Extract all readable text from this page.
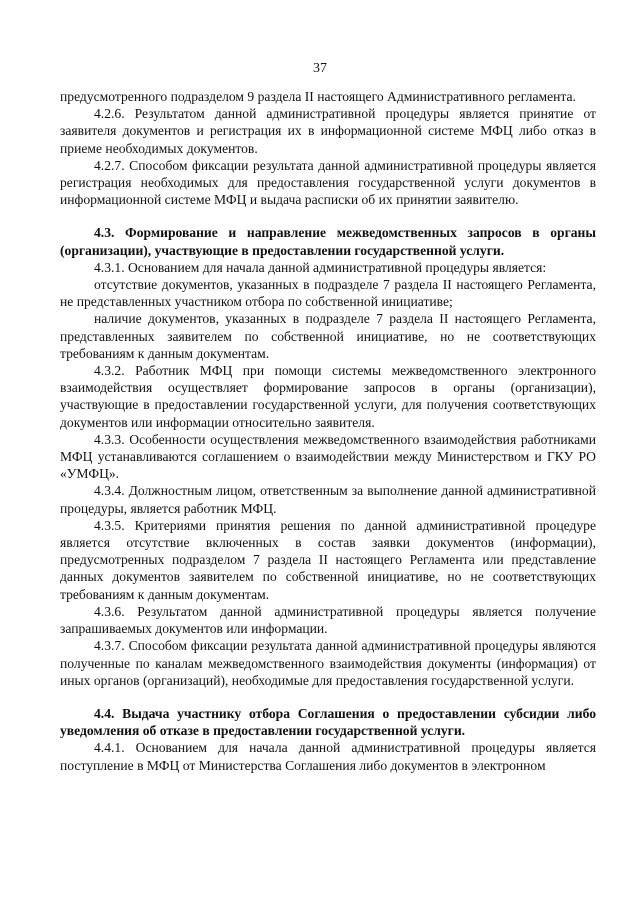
37

предусмотренного подразделом 9 раздела II настоящего Административного регламента.

4.2.6. Результатом данной административной процедуры является принятие от заявителя документов и регистрация их в информационной системе МФЦ либо отказ в приеме необходимых документов.

4.2.7. Способом фиксации результата данной административной процедуры является регистрация необходимых для предоставления государственной услуги документов в информационной системе МФЦ и выдача расписки об их принятии заявителю.

4.3. Формирование и направление межведомственных запросов в органы (организации), участвующие в предоставлении государственной услуги.

4.3.1. Основанием для начала данной административной процедуры является:

отсутствие документов, указанных в подразделе 7 раздела II настоящего Регламента, не представленных участником отбора по собственной инициативе;

наличие документов, указанных в подразделе 7 раздела II настоящего Регламента, представленных заявителем по собственной инициативе, но не соответствующих требованиям к данным документам.

4.3.2. Работник МФЦ при помощи системы межведомственного электронного взаимодействия осуществляет формирование запросов в органы (организации), участвующие в предоставлении государственной услуги, для получения соответствующих документов или информации относительно заявителя.

4.3.3. Особенности осуществления межведомственного взаимодействия работниками МФЦ устанавливаются соглашением о взаимодействии между Министерством и ГКУ РО «УМФЦ».

4.3.4. Должностным лицом, ответственным за выполнение данной административной процедуры, является работник МФЦ.

4.3.5. Критериями принятия решения по данной административной процедуре является отсутствие включенных в состав заявки документов (информации), предусмотренных подразделом 7 раздела II настоящего Регламента или представление данных документов заявителем по собственной инициативе, но не соответствующих требованиям к данным документам.

4.3.6. Результатом данной административной процедуры является получение запрашиваемых документов или информации.

4.3.7. Способом фиксации результата данной административной процедуры являются полученные по каналам межведомственного взаимодействия документы (информация) от иных органов (организаций), необходимые для предоставления государственной услуги.

4.4. Выдача участнику отбора Соглашения о предоставлении субсидии либо уведомления об отказе в предоставлении государственной услуги.

4.4.1. Основанием для начала данной административной процедуры является поступление в МФЦ от Министерства Соглашения либо документов в электронном
